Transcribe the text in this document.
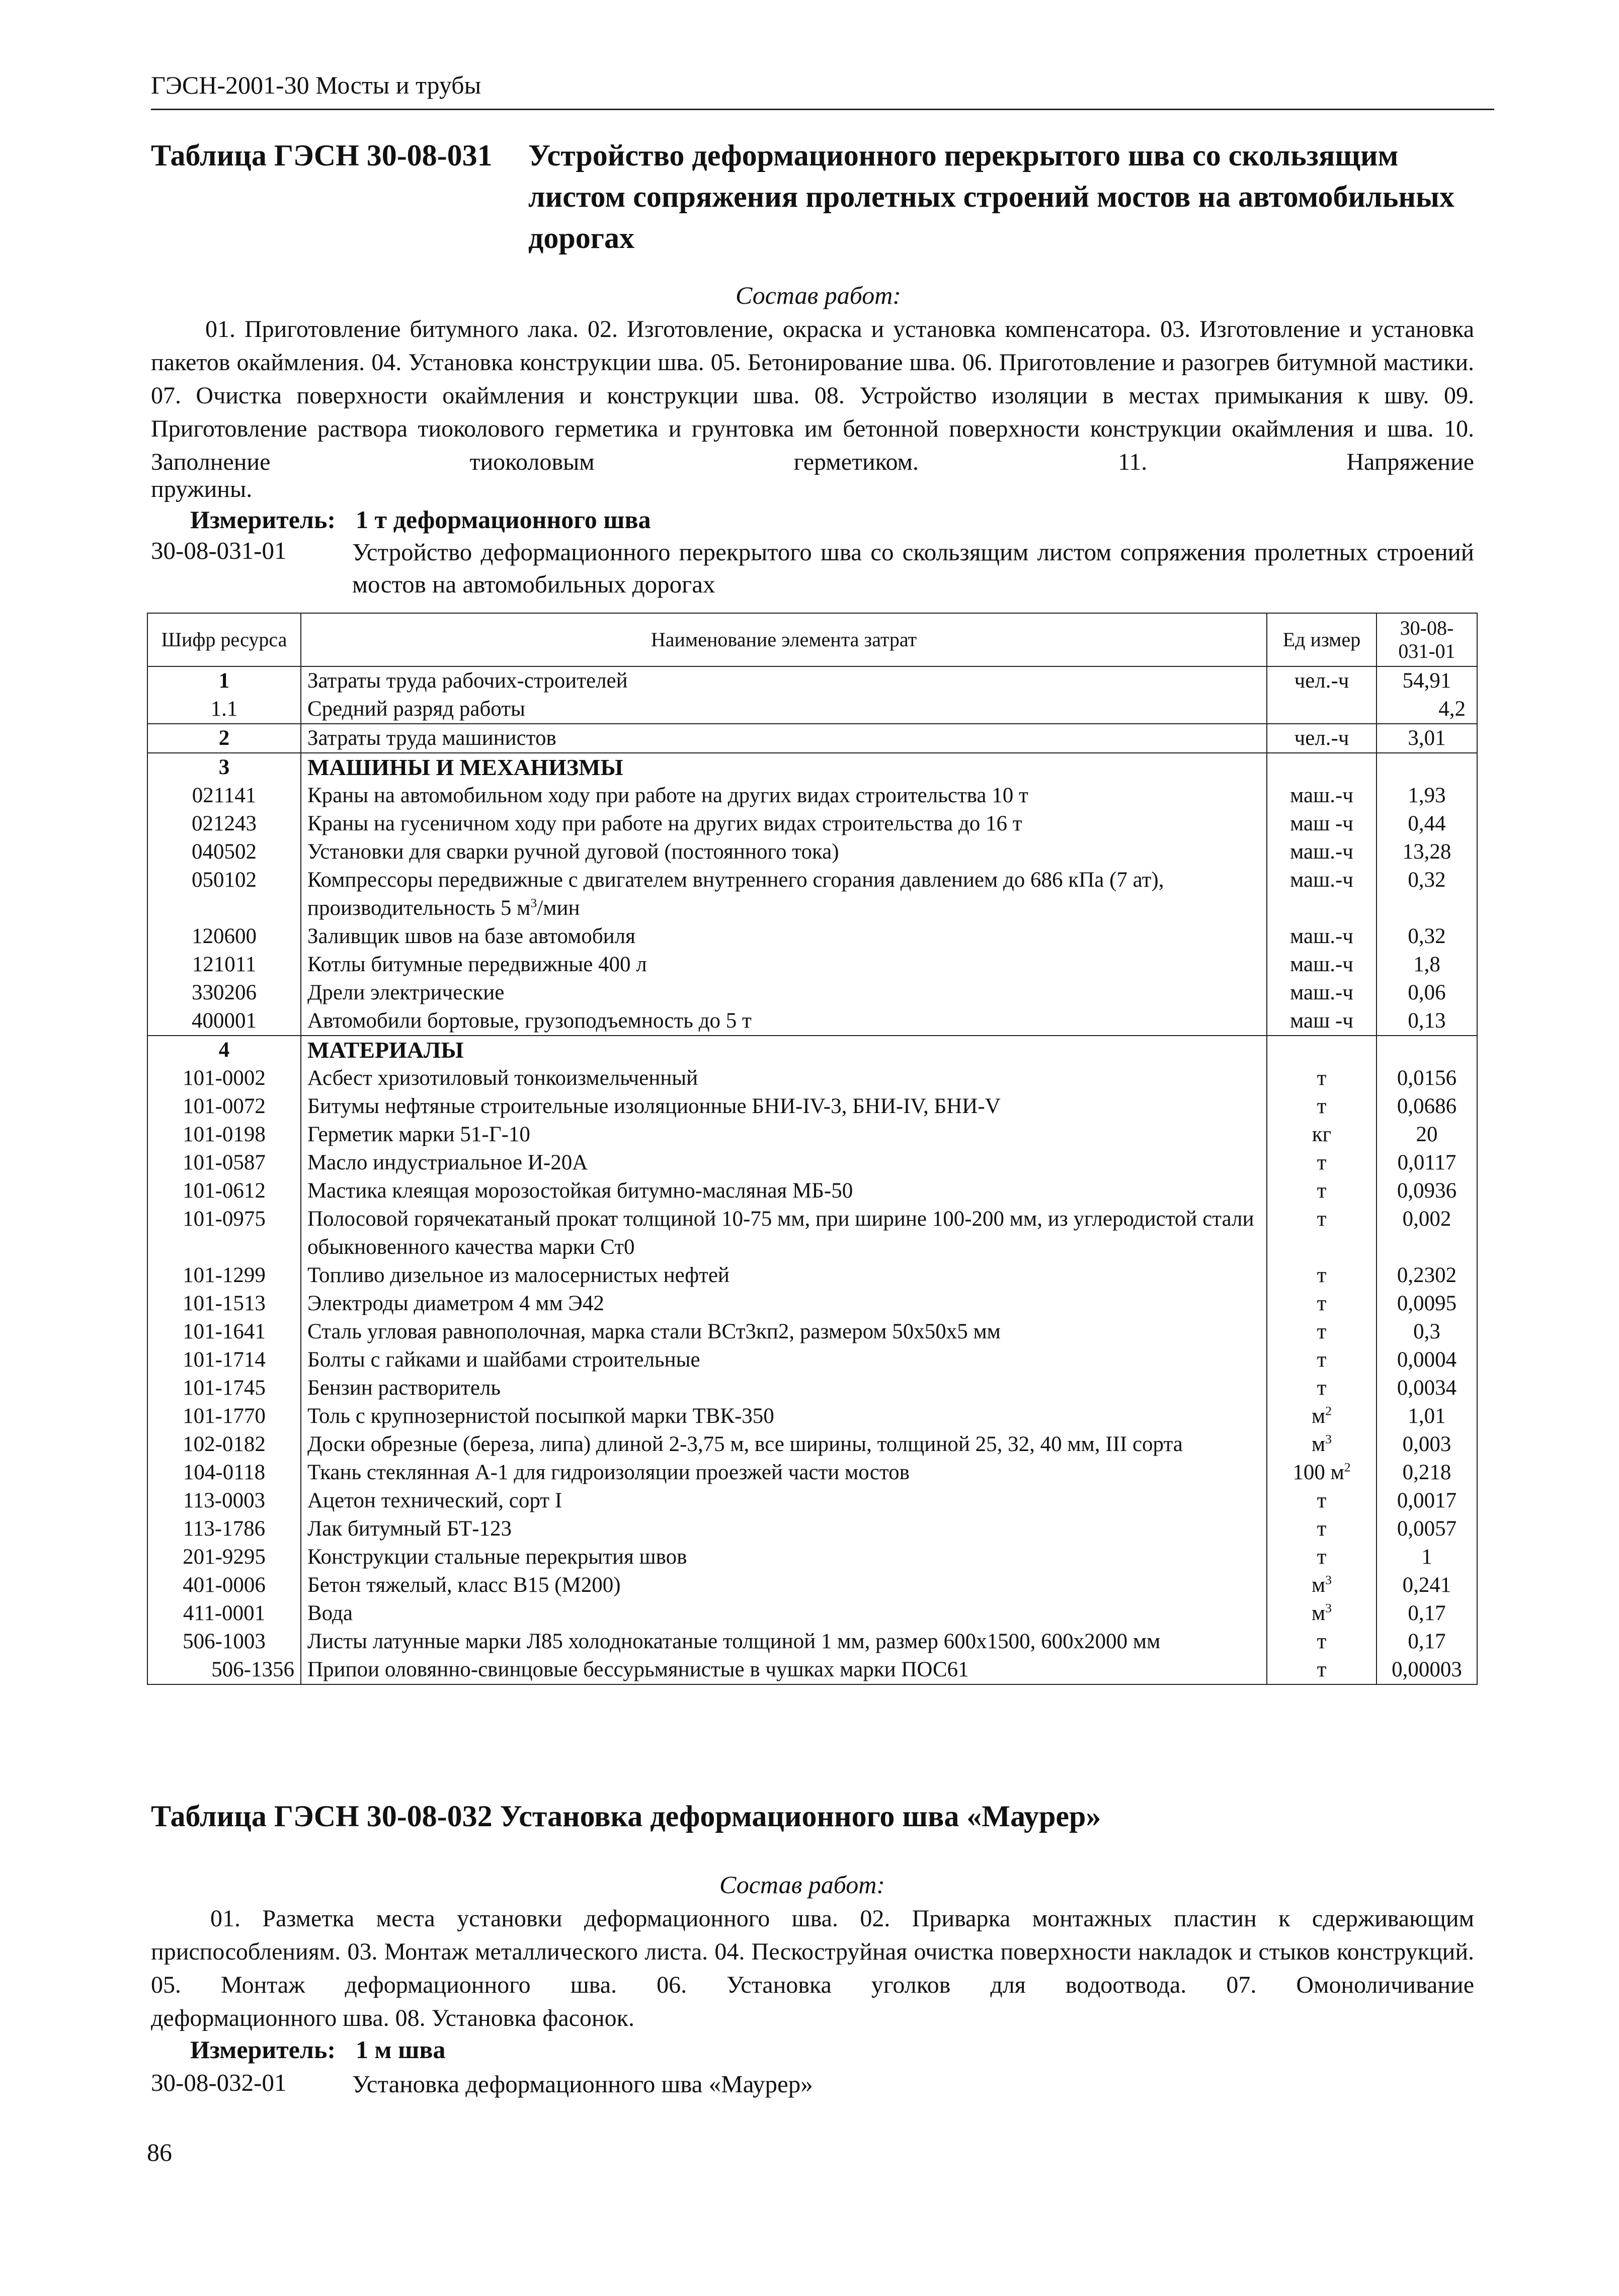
ГЭСН-2001-30 Мосты и трубы
Таблица ГЭСН 30-08-031 Устройство деформационного перекрытого шва со скользящим листом сопряжения пролетных строений мостов на автомобильных дорогах
Состав работ:
01. Приготовление битумного лака. 02. Изготовление, окраска и установка компенсатора. 03. Изготовление и установка пакетов окаймления. 04. Установка конструкции шва. 05. Бетонирование шва. 06. Приготовление и разогрев битумной мастики. 07. Очистка поверхности окаймления и конструкции шва. 08. Устройство изоляции в местах примыкания к шву. 09. Приготовление раствора тиоколового герметика и грунтовка им бетонной поверхности конструкции окаймления и шва. 10. Заполнение тиоколовым герметиком. 11. Напряжение
пружины.
Измеритель: 1 т деформационного шва
30-08-031-01	Устройство деформационного перекрытого шва со скользящим листом сопряжения пролетных строений мостов на автомобильных дорогах
Шифр ресурса	Наименование элемента затрат	Ед измер	30-08-031-01
1	Затраты труда рабочих-строителей	чел.-ч	54,91
1.1	Средний разряд работы		4,2
2	Затраты труда машинистов	чел.-ч	3,01
3	МАШИНЫ И МЕХАНИЗМЫ		
021141	Краны на автомобильном ходу при работе на других видах строительства 10 т	маш.-ч	1,93
021243	Краны на гусеничном ходу при работе на других видах строительства до 16 т	маш -ч	0,44
040502	Установки для сварки ручной дуговой (постоянного тока)	маш.-ч	13,28
050102	Компрессоры передвижные с двигателем внутреннего сгорания давлением до 686 кПа (7 ат), производительность 5 $м^3$/мин	маш.-ч	0,32
120600	Заливщик швов на базе автомобиля	маш.-ч	0,32
121011	Котлы битумные передвижные 400 л	маш.-ч	1,8
330206	Дрели электрические	маш.-ч	0,06
400001	Автомобили бортовые, грузоподъемность до 5 т	маш -ч	0,13
4	МАТЕРИАЛЫ		
101-0002	Асбест хризотиловый тонкоизмельченный	т	0,0156
101-0072	Битумы нефтяные строительные изоляционные БНИ-IV-3, БНИ-IV, БНИ-V	т	0,0686
101-0198	Герметик марки 51-Г-10	кг	20
101-0587	Масло индустриальное И-20А	т	0,0117
101-0612	Мастика клеящая морозостойкая битумно-масляная МБ-50	т	0,0936
101-0975	Полосовой горячекатаный прокат толщиной 10-75 мм, при ширине 100-200 мм, из углеродистой стали обыкновенного качества марки Ст0	т	0,002
101-1299	Топливо дизельное из малосернистых нефтей	т	0,2302
101-1513	Электроды диаметром 4 мм Э42	т	0,0095
101-1641	Сталь угловая равнополочная, марка стали ВСт3кп2, размером 50х50х5 мм	т	0,3
101-1714	Болты с гайками и шайбами строительные	т	0,0004
101-1745	Бензин растворитель	т	0,0034
101-1770	Толь с крупнозернистой посыпкой марки ТВК-350	$м^2$	1,01
102-0182	Доски обрезные (береза, липа) длиной 2-3,75 м, все ширины, толщиной 25, 32, 40 мм, III сорта	$м^3$	0,003
104-0118	Ткань стеклянная А-1 для гидроизоляции проезжей части мостов	100 $м^2$	0,218
113-0003	Ацетон технический, сорт I	т	0,0017
113-1786	Лак битумный БТ-123	т	0,0057
201-9295	Конструкции стальные перекрытия швов	т	1
401-0006	Бетон тяжелый, класс В15 (М200)	$м^3$	0,241
411-0001	Вода	$м^3$	0,17
506-1003	Листы латунные марки Л85 холоднокатаные толщиной 1 мм, размер 600х1500, 600х2000 мм	т	0,17
506-1356	Припои оловянно-свинцовые бессурьмянистые в чушках марки ПОС61	т	0,00003
Таблица ГЭСН 30-08-032 Установка деформационного шва «Маурер»
Состав работ:
01. Разметка места установки деформационного шва. 02. Приварка монтажных пластин к сдерживающим приспособлениям. 03. Монтаж металлического листа. 04. Пескоструйная очистка поверхности накладок и стыков конструкций. 05. Монтаж деформационного шва. 06. Установка уголков для водоотвода. 07. Омоноличивание
деформационного шва. 08. Установка фасонок.
Измеритель: 1 м шва
30-08-032-01	Установка деформационного шва «Маурер»
86
